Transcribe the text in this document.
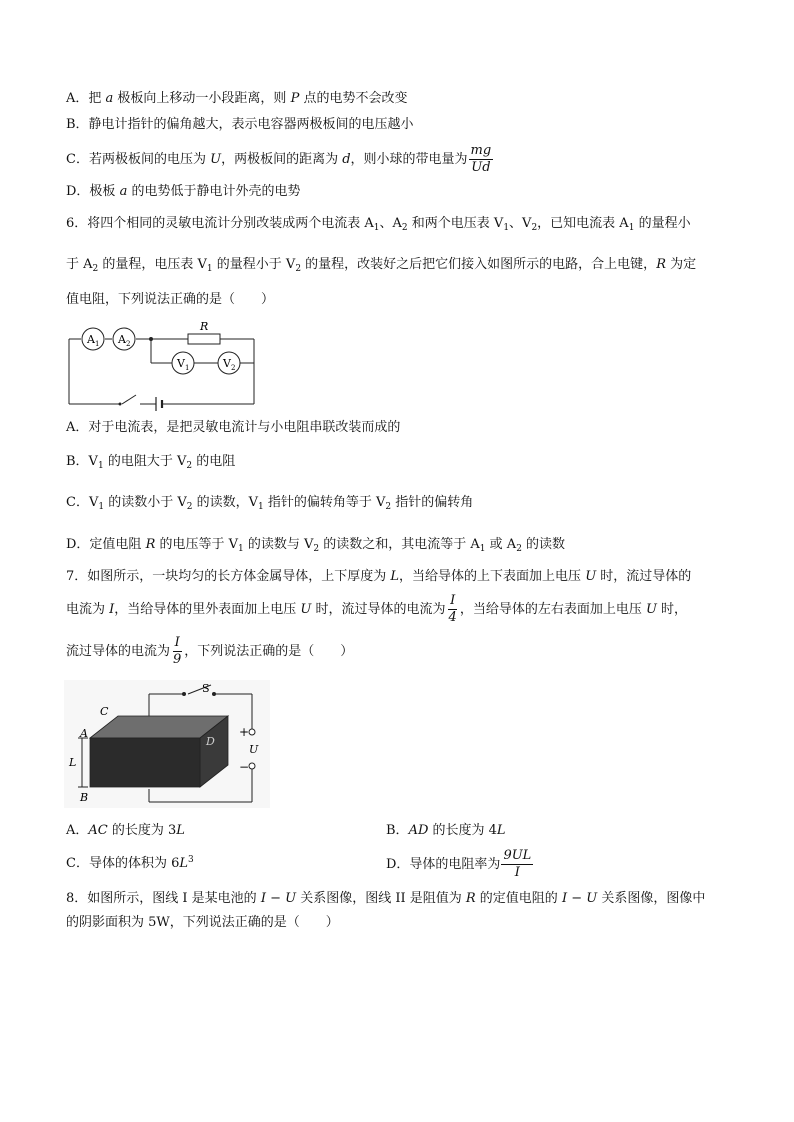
A．把 a 极板向上移动一小段距离，则 P 点的电势不会改变
B．静电计指针的偏角越大，表示电容器两极板间的电压越小
C．若两极板间的电压为 U，两极板间的距离为 d，则小球的带电量为 $\frac{mg}{Ud}$
D．极板 a 的电势低于静电计外壳的电势
6．将四个相同的灵敏电流计分别改装成两个电流表 $A_1$、$A_2$ 和两个电压表 $V_1$、$V_2$，已知电流表 $A_1$ 的量程小
于 $A_2$ 的量程，电压表 $V_1$ 的量程小于 $V_2$ 的量程，改装好之后把它们接入如图所示的电路，合上电键，R 为定
值电阻，下列说法正确的是（　　）
$A_1$ $A_2$
R
$V_1$	$V_2$
A．对于电流表，是把灵敏电流计与小电阻串联改装而成的
B．$V_1$ 的电阻大于 $V_2$ 的电阻
C．$V_1$ 的读数小于 $V_2$ 的读数，$V_1$ 指针的偏转角等于 $V_2$ 指针的偏转角
D．定值电阻 R 的电压等于 $V_1$ 的读数与 $V_2$ 的读数之和，其电流等于 $A_1$ 或 $A_2$ 的读数
7．如图所示，一块均匀的长方体金属导体，上下厚度为 L，当给导体的上下表面加上电压 U 时，流过导体的
电流为 I，当给导体的里外表面加上电压 U 时，流过导体的电流为 $\frac{I}{4}$ ，当给导体的左右表面加上电压 U 时，
流过导体的电流为 $\frac{I}{9}$ ，下列说法正确的是（　　）
S
C
A
D
L
B
+
U
−
A．AC 的长度为 3L	B．AD 的长度为 4L
C．导体的体积为 $6L^3$	D．导体的电阻率为 $\frac{9UL}{I}$
8．如图所示，图线 I 是某电池的 I − U 关系图像，图线 II 是阻值为 R 的定值电阻的 I − U 关系图像，图像中
的阴影面积为 5W，下列说法正确的是（　　）
